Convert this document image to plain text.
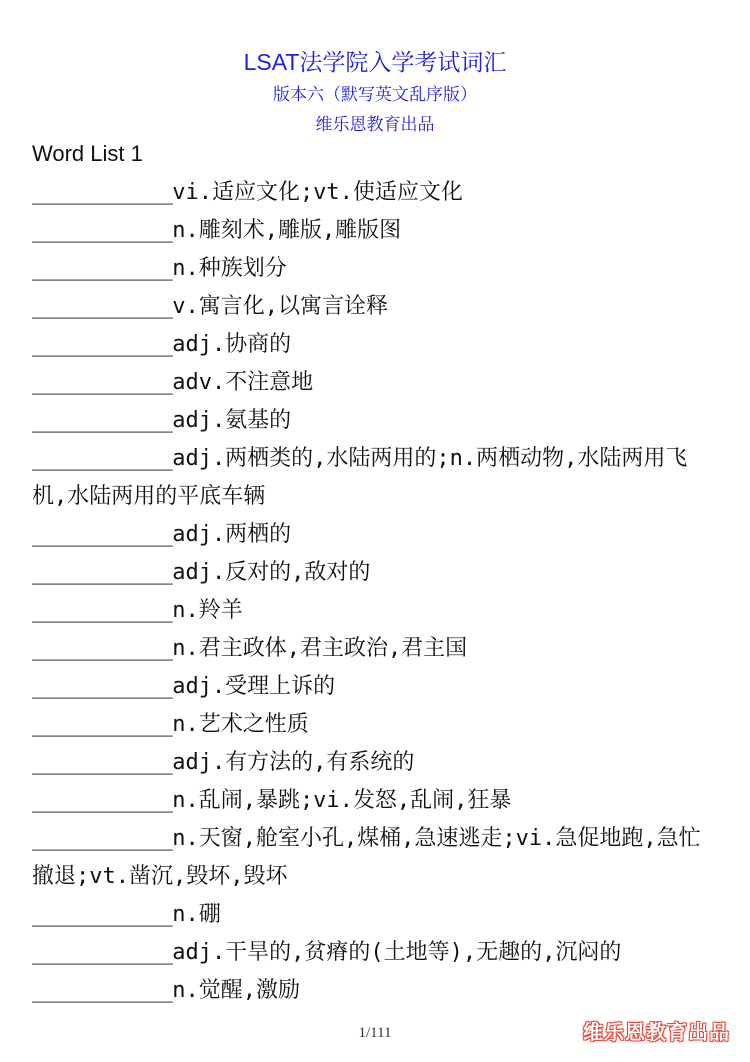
LSAT法学院入学考试词汇
版本六（默写英文乱序版）
维乐恩教育出品
Word List 1
___________vi.适应文化;vt.使适应文化
___________n.雕刻术,雕版,雕版图
___________n.种族划分
___________v.寓言化,以寓言诠释
___________adj.协商的
___________adv.不注意地
___________adj.氨基的
___________adj.两栖类的,水陆两用的;n.两栖动物,水陆两用飞机,水陆两用的平底车辆
___________adj.两栖的
___________adj.反对的,敌对的
___________n.羚羊
___________n.君主政体,君主政治,君主国
___________adj.受理上诉的
___________n.艺术之性质
___________adj.有方法的,有系统的
___________n.乱闹,暴跳;vi.发怒,乱闹,狂暴
___________n.天窗,舱室小孔,煤桶,急速逃走;vi.急促地跑,急忙撤退;vt.凿沉,毁坏,毁坏
___________n.硼
___________adj.干旱的,贫瘠的(土地等),无趣的,沉闷的
___________n.觉醒,激励
1/111	维乐恩教育出品
